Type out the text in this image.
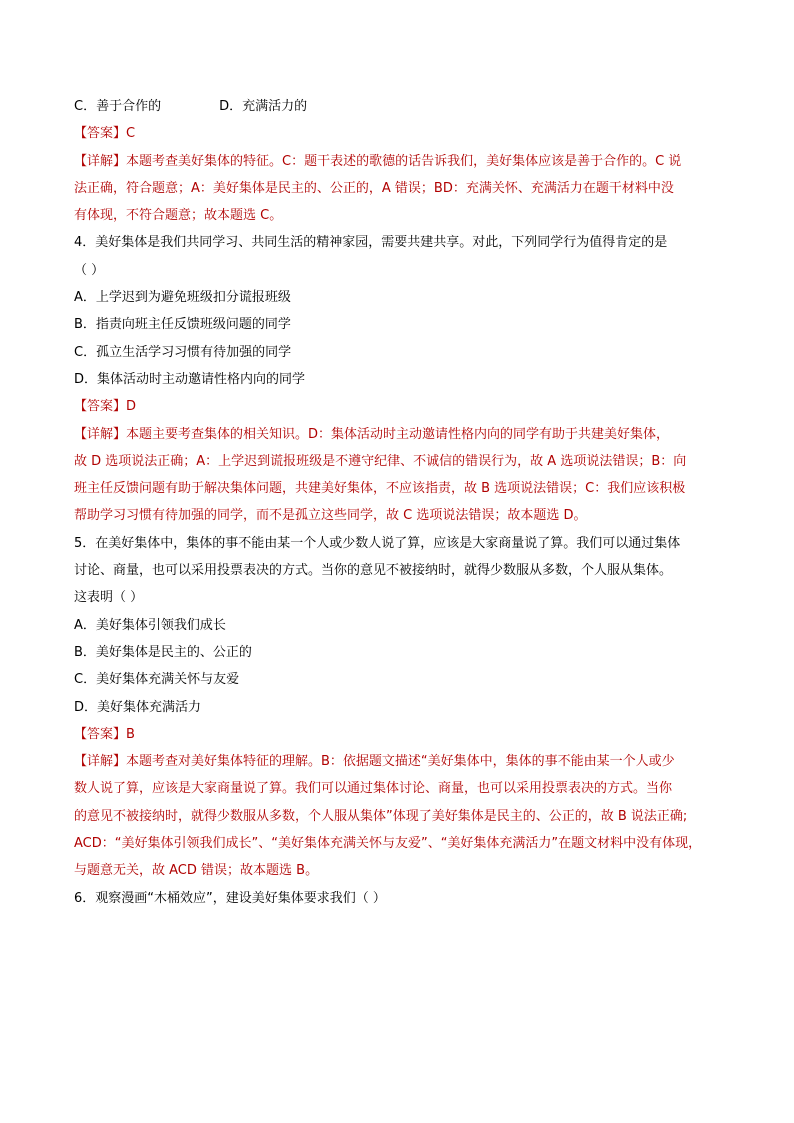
C．善于合作的	D．充满活力的
【答案】C
【详解】本题考查美好集体的特征。C：题干表述的歌德的话告诉我们，美好集体应该是善于合作的。C 说
法正确，符合题意；A：美好集体是民主的、公正的，A 错误；BD：充满关怀、充满活力在题干材料中没
有体现，不符合题意；故本题选 C。
4．美好集体是我们共同学习、共同生活的精神家园，需要共建共享。对此，下列同学行为值得肯定的是
（ ）
A．上学迟到为避免班级扣分谎报班级
B．指责向班主任反馈班级问题的同学
C．孤立生活学习习惯有待加强的同学
D．集体活动时主动邀请性格内向的同学
【答案】D
【详解】本题主要考查集体的相关知识。D：集体活动时主动邀请性格内向的同学有助于共建美好集体，
故 D 选项说法正确；A：上学迟到谎报班级是不遵守纪律、不诚信的错误行为，故 A 选项说法错误；B：向
班主任反馈问题有助于解决集体问题，共建美好集体，不应该指责，故 B 选项说法错误；C：我们应该积极
帮助学习习惯有待加强的同学，而不是孤立这些同学，故 C 选项说法错误；故本题选 D。
5．在美好集体中，集体的事不能由某一个人或少数人说了算，应该是大家商量说了算。我们可以通过集体
讨论、商量，也可以采用投票表决的方式。当你的意见不被接纳时，就得少数服从多数，个人服从集体。
这表明（ ）
A．美好集体引领我们成长
B．美好集体是民主的、公正的
C．美好集体充满关怀与友爱
D．美好集体充满活力
【答案】B
【详解】本题考查对美好集体特征的理解。B：依据题文描述“美好集体中，集体的事不能由某一个人或少
数人说了算，应该是大家商量说了算。我们可以通过集体讨论、商量，也可以采用投票表决的方式。当你
的意见不被接纳时，就得少数服从多数，个人服从集体”体现了美好集体是民主的、公正的，故 B 说法正确;
ACD：“美好集体引领我们成长”、“美好集体充满关怀与友爱”、“美好集体充满活力”在题文材料中没有体现，
与题意无关，故 ACD 错误；故本题选 B。
6．观察漫画“木桶效应”，建设美好集体要求我们（ ）
